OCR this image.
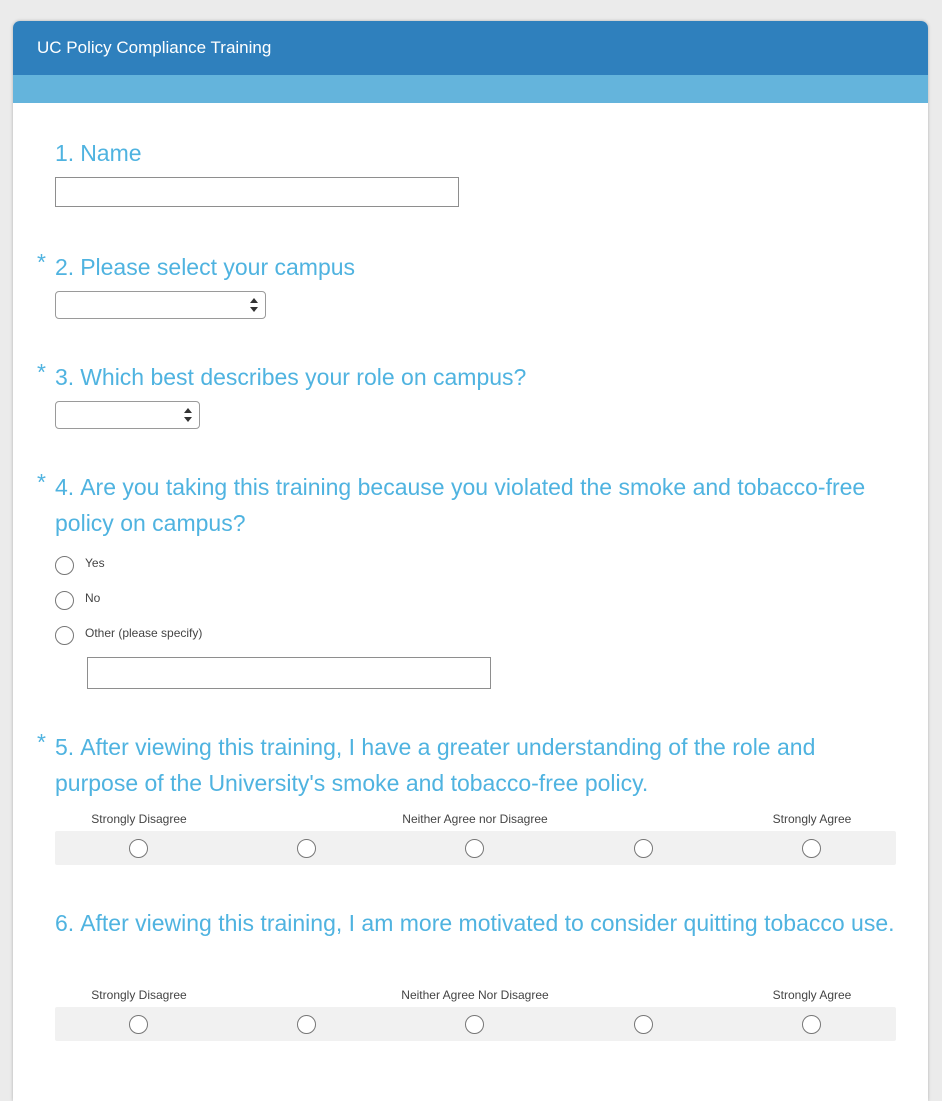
UC Policy Compliance Training
1. Name
* 2. Please select your campus
* 3. Which best describes your role on campus?
* 4. Are you taking this training because you violated the smoke and tobacco-free policy on campus?
Yes
No
Other (please specify)
* 5. After viewing this training, I have a greater understanding of the role and purpose of the University's smoke and tobacco-free policy.
Strongly Disagree	Neither Agree nor Disagree	Strongly Agree
6. After viewing this training, I am more motivated to consider quitting tobacco use.
Strongly Disagree	Neither Agree Nor Disagree	Strongly Agree
